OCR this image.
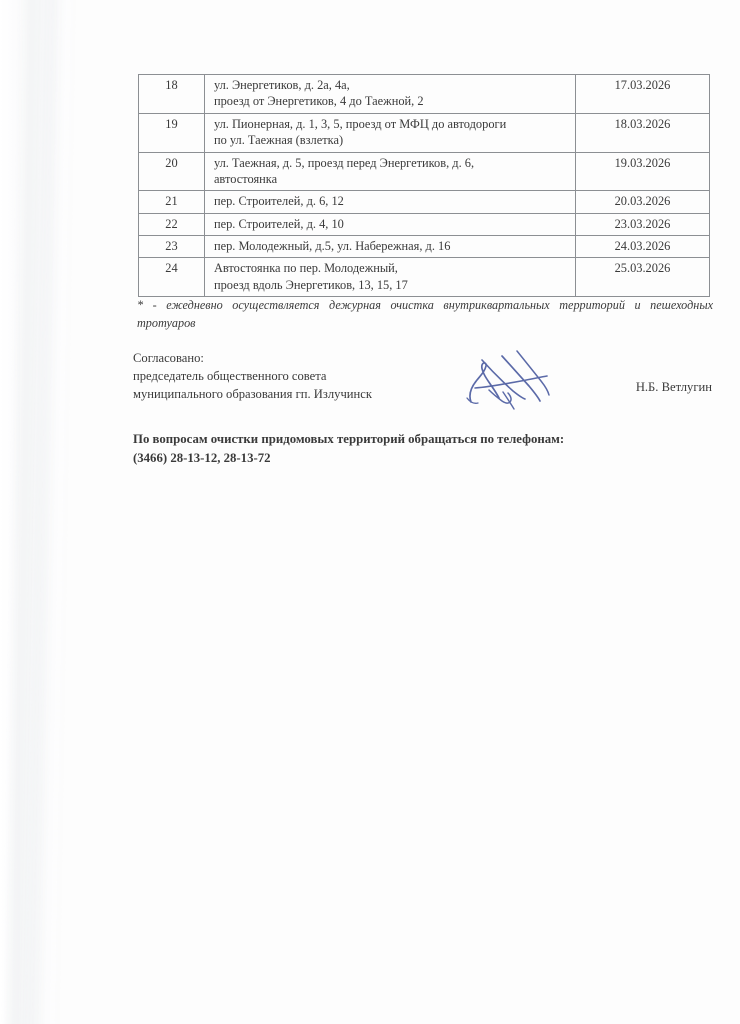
18	ул. Энергетиков, д. 2а, 4а,
проезд от Энергетиков, 4 до Таежной, 2	17.03.2026
19	ул. Пионерная, д. 1, 3, 5, проезд от МФЦ до автодороги
по ул. Таежная (взлетка)	18.03.2026
20	ул. Таежная, д. 5, проезд перед Энергетиков, д. 6,
автостоянка	19.03.2026
21	пер. Строителей, д. 6, 12	20.03.2026
22	пер. Строителей, д. 4, 10	23.03.2026
23	пер. Молодежный, д.5, ул. Набережная, д. 16	24.03.2026
24	Автостоянка по пер. Молодежный,
проезд вдоль Энергетиков, 13, 15, 17	25.03.2026
* - ежедневно осуществляется дежурная очистка внутриквартальных территорий и пешеходных тротуаров
Согласовано:
председатель общественного совета
муниципального образования гп. Излучинск
Н.Б. Ветлугин
По вопросам очистки придомовых территорий обращаться по телефонам:
(3466) 28-13-12, 28-13-72
